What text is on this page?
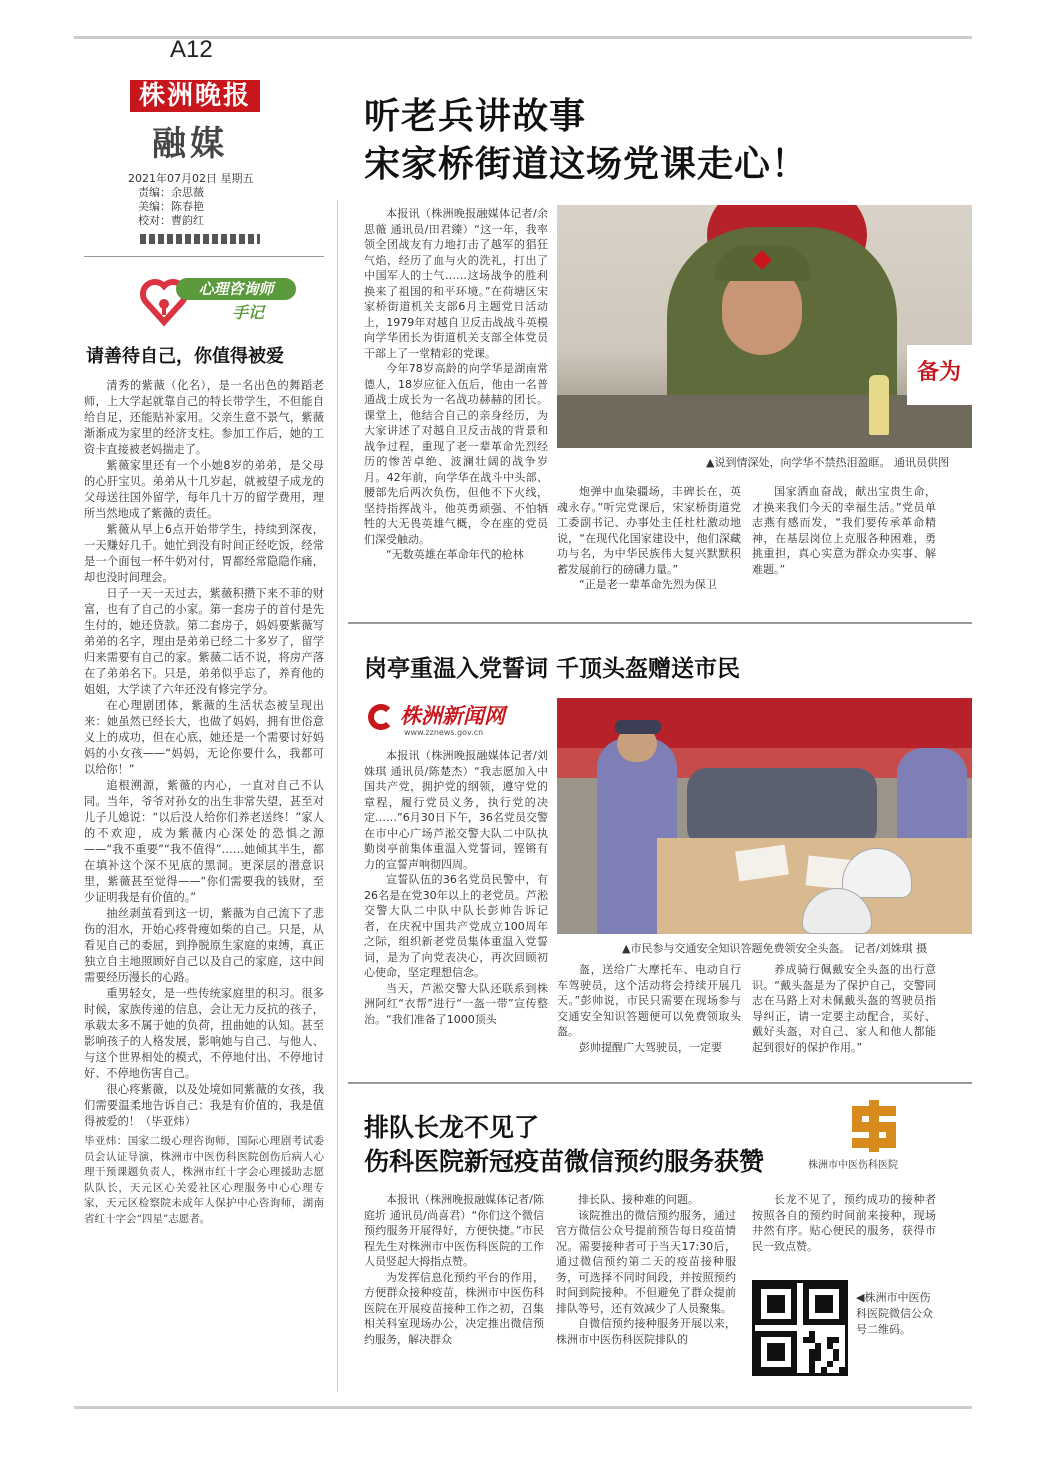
A12
株洲晚报
融媒
2021年07月02日 星期五
责编：余思薇
美编：陈春艳
校对：曹韵红
心理咨询师
手记
请善待自己，你值得被爱

清秀的紫薇（化名），是一名出色的舞蹈老师，上大学起就靠自己的特长带学生，不但能自给自足，还能贴补家用。父亲生意不景气，紫薇渐渐成为家里的经济支柱。参加工作后，她的工资卡直接被老妈揣走了。

紫薇家里还有一个小她8岁的弟弟，是父母的心肝宝贝。弟弟从十几岁起，就被望子成龙的父母送往国外留学，每年几十万的留学费用，理所当然地成了紫薇的责任。

紫薇从早上6点开始带学生，持续到深夜，一天赚好几千。她忙到没有时间正经吃饭，经常是一个面包一杯牛奶对付，胃都经常隐隐作痛，却也没时间理会。

日子一天一天过去，紫薇积攒下来不菲的财富，也有了自己的小家。第一套房子的首付是先生付的，她还贷款。第二套房子，妈妈要紫薇写弟弟的名字，理由是弟弟已经二十多岁了，留学归来需要有自己的家。紫薇二话不说，将房产落在了弟弟名下。只是，弟弟似乎忘了，养育他的姐姐，大学读了六年还没有修完学分。

在心理剧团体，紫薇的生活状态被呈现出来：她虽然已经长大，也做了妈妈，拥有世俗意义上的成功，但在心底，她还是一个需要讨好妈妈的小女孩——“妈妈，无论你要什么，我都可以给你！”

追根溯源，紫薇的内心，一直对自己不认同。当年，爷爷对孙女的出生非常失望，甚至对儿子儿媳说：“以后没人给你们养老送终！”家人的不欢迎，成为紫薇内心深处的恐惧之源——“我不重要”“我不值得”……她倾其半生，都在填补这个深不见底的黑洞。更深层的潜意识里，紫薇甚至觉得——“你们需要我的钱财，至少证明我是有价值的。”

抽丝剥茧看到这一切，紫薇为自己流下了悲伤的泪水，开始心疼骨瘦如柴的自己。只是，从看见自己的委屈，到挣脱原生家庭的束缚，真正独立自主地照顾好自己以及自己的家庭，这中间需要经历漫长的心路。

重男轻女，是一些传统家庭里的积习。很多时候，家族传递的信息，会让无力反抗的孩子，承载太多不属于她的负荷，扭曲她的认知。甚至影响孩子的人格发展，影响她与自己、与他人、与这个世界相处的模式，不停地付出、不停地讨好、不停地伤害自己。

很心疼紫薇，以及处境如同紫薇的女孩，我们需要温柔地告诉自己：我是有价值的，我是值得被爱的！（毕亚炜）

毕亚炜：国家二级心理咨询师，国际心理剧考试委员会认证导演，株洲市中医伤科医院创伤后病人心理干预课题负责人，株洲市红十字会心理援助志愿队队长，天元区心关爱社区心理服务中心心理专家，天元区检察院未成年人保护中心咨询师，湖南省红十字会“四星”志愿者。

听老兵讲故事
宋家桥街道这场党课走心！

本报讯（株洲晚报融媒体记者/余思薇 通讯员/田君臻）“这一年，我率领全团战友有力地打击了越军的猖狂气焰，经历了血与火的洗礼，打出了中国军人的士气……这场战争的胜利换来了祖国的和平环境。”在荷塘区宋家桥街道机关支部6月主题党日活动上，1979年对越自卫反击战战斗英模向学华团长为街道机关支部全体党员干部上了一堂精彩的党课。

今年78岁高龄的向学华是湖南常德人，18岁应征入伍后，他由一名普通战士成长为一名战功赫赫的团长。课堂上，他结合自己的亲身经历，为大家讲述了对越自卫反击战的背景和战争过程，重现了老一辈革命先烈经历的惨苦卓绝、波澜壮阔的战争岁月。42年前，向学华在战斗中头部、腰部先后两次负伤，但他不下火线，坚持指挥战斗，他英勇顽强、不怕牺牲的大无畏英雄气概，令在座的党员们深受触动。

“无数英雄在革命年代的枪林

备为
▲说到情深处，向学华不禁热泪盈眶。 通讯员供图

炮弹中血染疆场，丰碑长在，英魂永存。”听完党课后，宋家桥街道党工委副书记、办事处主任杜杜激动地说，“在现代化国家建设中，他们深藏功与名，为中华民族伟大复兴默默积蓄发展前行的磅礴力量。”

“正是老一辈革命先烈为保卫

国家洒血奋战，献出宝贵生命，才换来我们今天的幸福生活。”党员单志燕有感而发，“我们要传承革命精神，在基层岗位上克服各种困难，勇挑重担，真心实意为群众办实事、解难题。”

岗亭重温入党誓词 千顶头盔赠送市民
株洲新闻网
www.zznews.gov.cn

本报讯（株洲晚报融媒体记者/刘姝琪 通讯员/陈楚杰）“我志愿加入中国共产党，拥护党的纲领，遵守党的章程，履行党员义务，执行党的决定……”6月30日下午，36名党员交警在市中心广场芦淞交警大队二中队执勤岗亭前集体重温入党誓词，铿锵有力的宣誓声响彻四周。

宣誓队伍的36名党员民警中，有26名是在党30年以上的老党员。芦淞交警大队二中队中队长彭帅告诉记者，在庆祝中国共产党成立100周年之际，组织新老党员集体重温入党誓词，是为了向党表决心，再次回顾初心使命，坚定理想信念。

当天，芦淞交警大队还联系到株洲阿红“衣帮”进行“一盔一带”宣传整治。“我们准备了1000顶头

▲市民参与交通安全知识答题免费领安全头盔。 记者/刘姝琪 摄

盔，送给广大摩托车、电动自行车驾驶员，这个活动将会持续开展几天。”彭帅说，市民只需要在现场参与交通安全知识答题便可以免费领取头盔。

彭帅提醒广大驾驶员，一定要

养成骑行佩戴安全头盔的出行意识。“戴头盔是为了保护自己，交警同志在马路上对未佩戴头盔的驾驶员指导纠正，请一定要主动配合，买好、戴好头盔，对自己、家人和他人都能起到很好的保护作用。”

排队长龙不见了
伤科医院新冠疫苗微信预约服务获赞	株洲市中医伤科医院

本报讯（株洲晚报融媒体记者/陈庭圻 通讯员/尚喜君）“你们这个微信预约服务开展得好，方便快捷。”市民程先生对株洲市中医伤科医院的工作人员竖起大拇指点赞。

为发挥信息化预约平台的作用，方便群众接种疫苗，株洲市中医伤科医院在开展疫苗接种工作之初，召集相关科室现场办公，决定推出微信预约服务，解决群众

排长队、接种难的问题。

该院推出的微信预约服务，通过官方微信公众号提前预告每日疫苗情况。需要接种者可于当天17:30后，通过微信预约第二天的疫苗接种服务，可选择不同时间段，并按照预约时间到院接种。不但避免了群众提前排队等号，还有效减少了人员聚集。

自微信预约接种服务开展以来，株洲市中医伤科医院排队的

长龙不见了，预约成功的接种者按照各自的预约时间前来接种，现场井然有序。贴心便民的服务，获得市民一致点赞。

◀株洲市中医伤科医院微信公众号二维码。
